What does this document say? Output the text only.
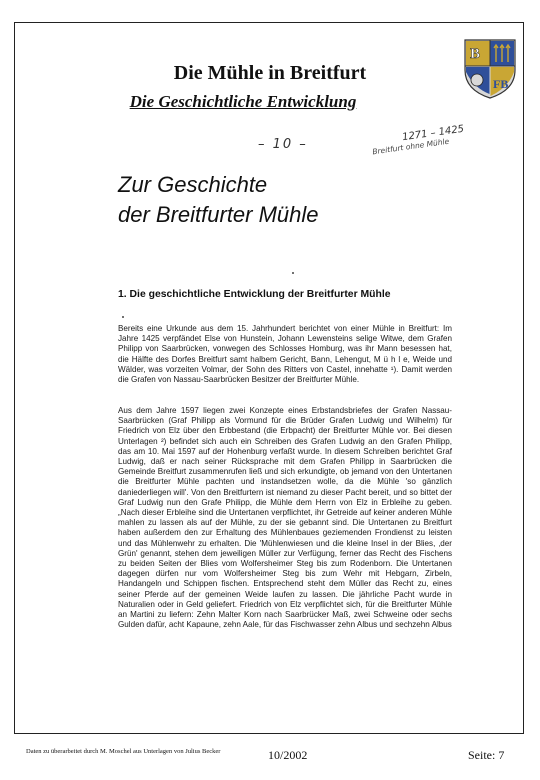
Die Mühle in Breitfurt
Die Geschichtliche Entwicklung
B
FB
– 10 –
1271 – 1425
Breitfurt ohne Mühle
Zur Geschichte
der Breitfurter Mühle
1. Die geschichtliche Entwicklung der Breitfurter Mühle
Bereits eine Urkunde aus dem 15. Jahrhundert berichtet von einer Mühle in Breitfurt: Im Jahre 1425 verpfändet Else von Hunstein, Johann Lewensteins selige Witwe, dem Grafen Philipp von Saarbrücken, vonwegen des Schlosses Homburg, was ihr Mann besessen hat, die Hälfte des Dorfes Breitfurt samt halbem Gericht, Bann, Lehengut, M ü h l e, Weide und Wälder, was vorzeiten Volmar, der Sohn des Ritters von Castel, innehatte ¹). Damit werden die Grafen von Nassau-Saarbrücken Besitzer der Breitfurter Mühle.
Aus dem Jahre 1597 liegen zwei Konzepte eines Erbstandsbriefes der Grafen Nassau-Saarbrücken (Graf Philipp als Vormund für die Brüder Grafen Ludwig und Wilhelm) für Friedrich von Elz über den Erbbestand (die Erbpacht) der Breitfurter Mühle vor. Bei diesen Unterlagen ²) befindet sich auch ein Schreiben des Grafen Ludwig an den Grafen Philipp, das am 10. Mai 1597 auf der Hohenburg verfaßt wurde. In diesem Schreiben berichtet Graf Ludwig, daß er nach seiner Rücksprache mit dem Grafen Philipp in Saarbrücken die Gemeinde Breitfurt zusammenrufen ließ und sich erkundigte, ob jemand von den Untertanen die Breitfurter Mühle pachten und instandsetzen wolle, da die Mühle 'so gänzlich daniederliegen will'. Von den Breitfurtern ist niemand zu dieser Pacht bereit, und so bittet der Graf Ludwig nun den Grafe Philipp, die Mühle dem Herrn von Elz in Erbleihe zu geben. „Nach dieser Erbleihe sind die Untertanen verpflichtet, ihr Getreide auf keiner anderen Mühle mahlen zu lassen als auf der Mühle, zu der sie gebannt sind. Die Untertanen zu Breitfurt haben außerdem den zur Erhaltung des Mühlenbaues geziemenden Frondienst zu leisten und das Mühlenwehr zu erhalten. Die 'Mühlenwiesen und die kleine Insel in der Blies, ‚der Grün' genannt, stehen dem jeweiligen Müller zur Verfügung, ferner das Recht des Fischens zu beiden Seiten der Blies vom Wolfersheimer Steg bis zum Rodenborn. Die Untertanen dagegen dürfen nur vom Wolfersheimer Steg bis zum Wehr mit Hebgarn, Zirbeln, Handangeln und Schippen fischen. Entsprechend steht dem Müller das Recht zu, eines seiner Pferde auf der gemeinen Weide laufen zu lassen. Die jährliche Pacht wurde in Naturalien oder in Geld geliefert. Friedrich von Elz verpflichtet sich, für die Breitfurter Mühle an Martini zu liefern: Zehn Malter Korn nach Saarbrücker Maß, zwei Schweine oder sechs Gulden dafür, acht Kapaune, zehn Aale, für das Fischwasser zehn Albus und sechzehn Albus
Daten zu überarbeitet durch M. Moschel aus Unterlagen von Julius Becker	10/2002	Seite: 7
